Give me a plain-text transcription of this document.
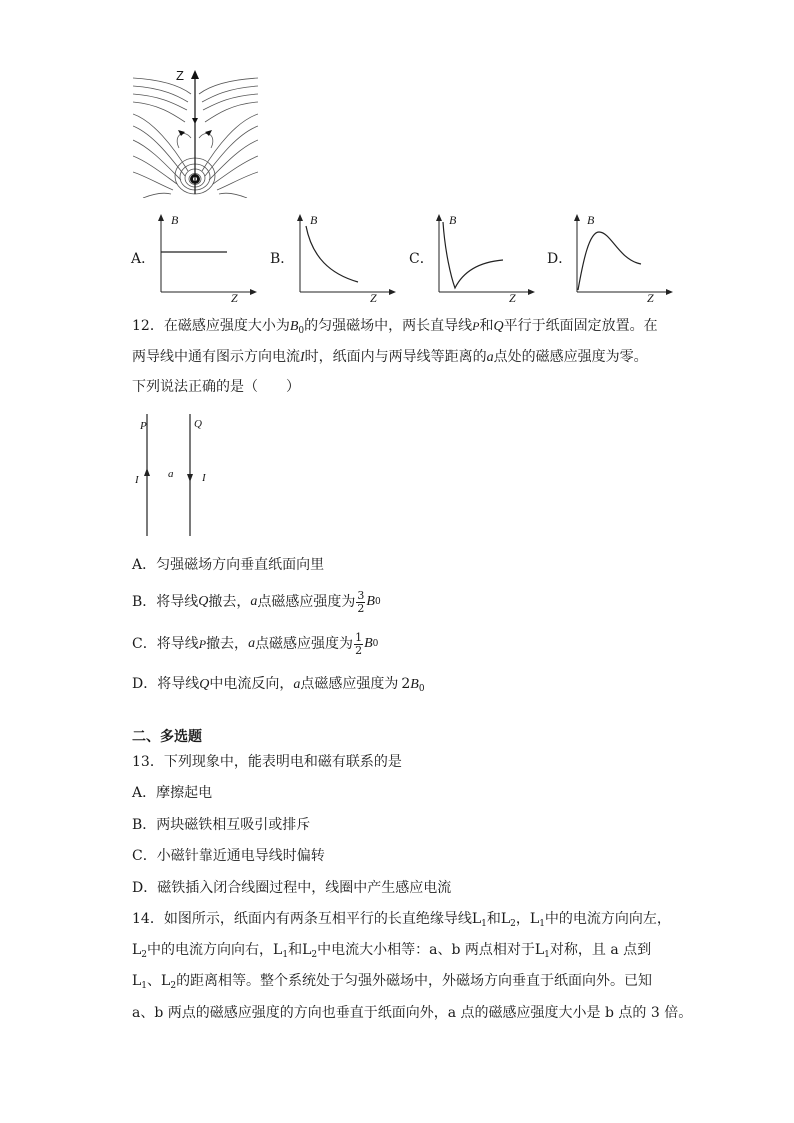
Z
A．
B
Z
B．
B
Z
C．
B
Z
D．
B
Z
12．在磁感应强度大小为$B_0$的匀强磁场中，两长直导线P和Q平行于纸面固定放置。在
两导线中通有图示方向电流I时，纸面内与两导线等距离的a点处的磁感应强度为零。
下列说法正确的是（　　）
P	Q
I	I
a
A．匀强磁场方向垂直纸面向里
B．将导线 Q 撤去， a 点磁感应强度为 $\frac{3}{2}$ B 0
C．将导线 P 撤去， a 点磁感应强度为 $\frac{1}{2}$ B 0
D．将导线Q中电流反向，a点磁感应强度为 $2B_0$
二、多选题
13．下列现象中，能表明电和磁有联系的是
A．摩擦起电
B．两块磁铁相互吸引或排斥
C．小磁针靠近通电导线时偏转
D．磁铁插入闭合线圈过程中，线圈中产生感应电流
14．如图所示，纸面内有两条互相平行的长直绝缘导线$L_1$和$L_2$，$L_1$中的电流方向向左，
$L_2$中的电流方向向右，$L_1$和$L_2$中电流大小相等：a、b 两点相对于$L_1$对称，且 a 点到
$L_1$、$L_2$的距离相等。整个系统处于匀强外磁场中，外磁场方向垂直于纸面向外。已知
a、b 两点的磁感应强度的方向也垂直于纸面向外，a 点的磁感应强度大小是 b 点的 3 倍。
